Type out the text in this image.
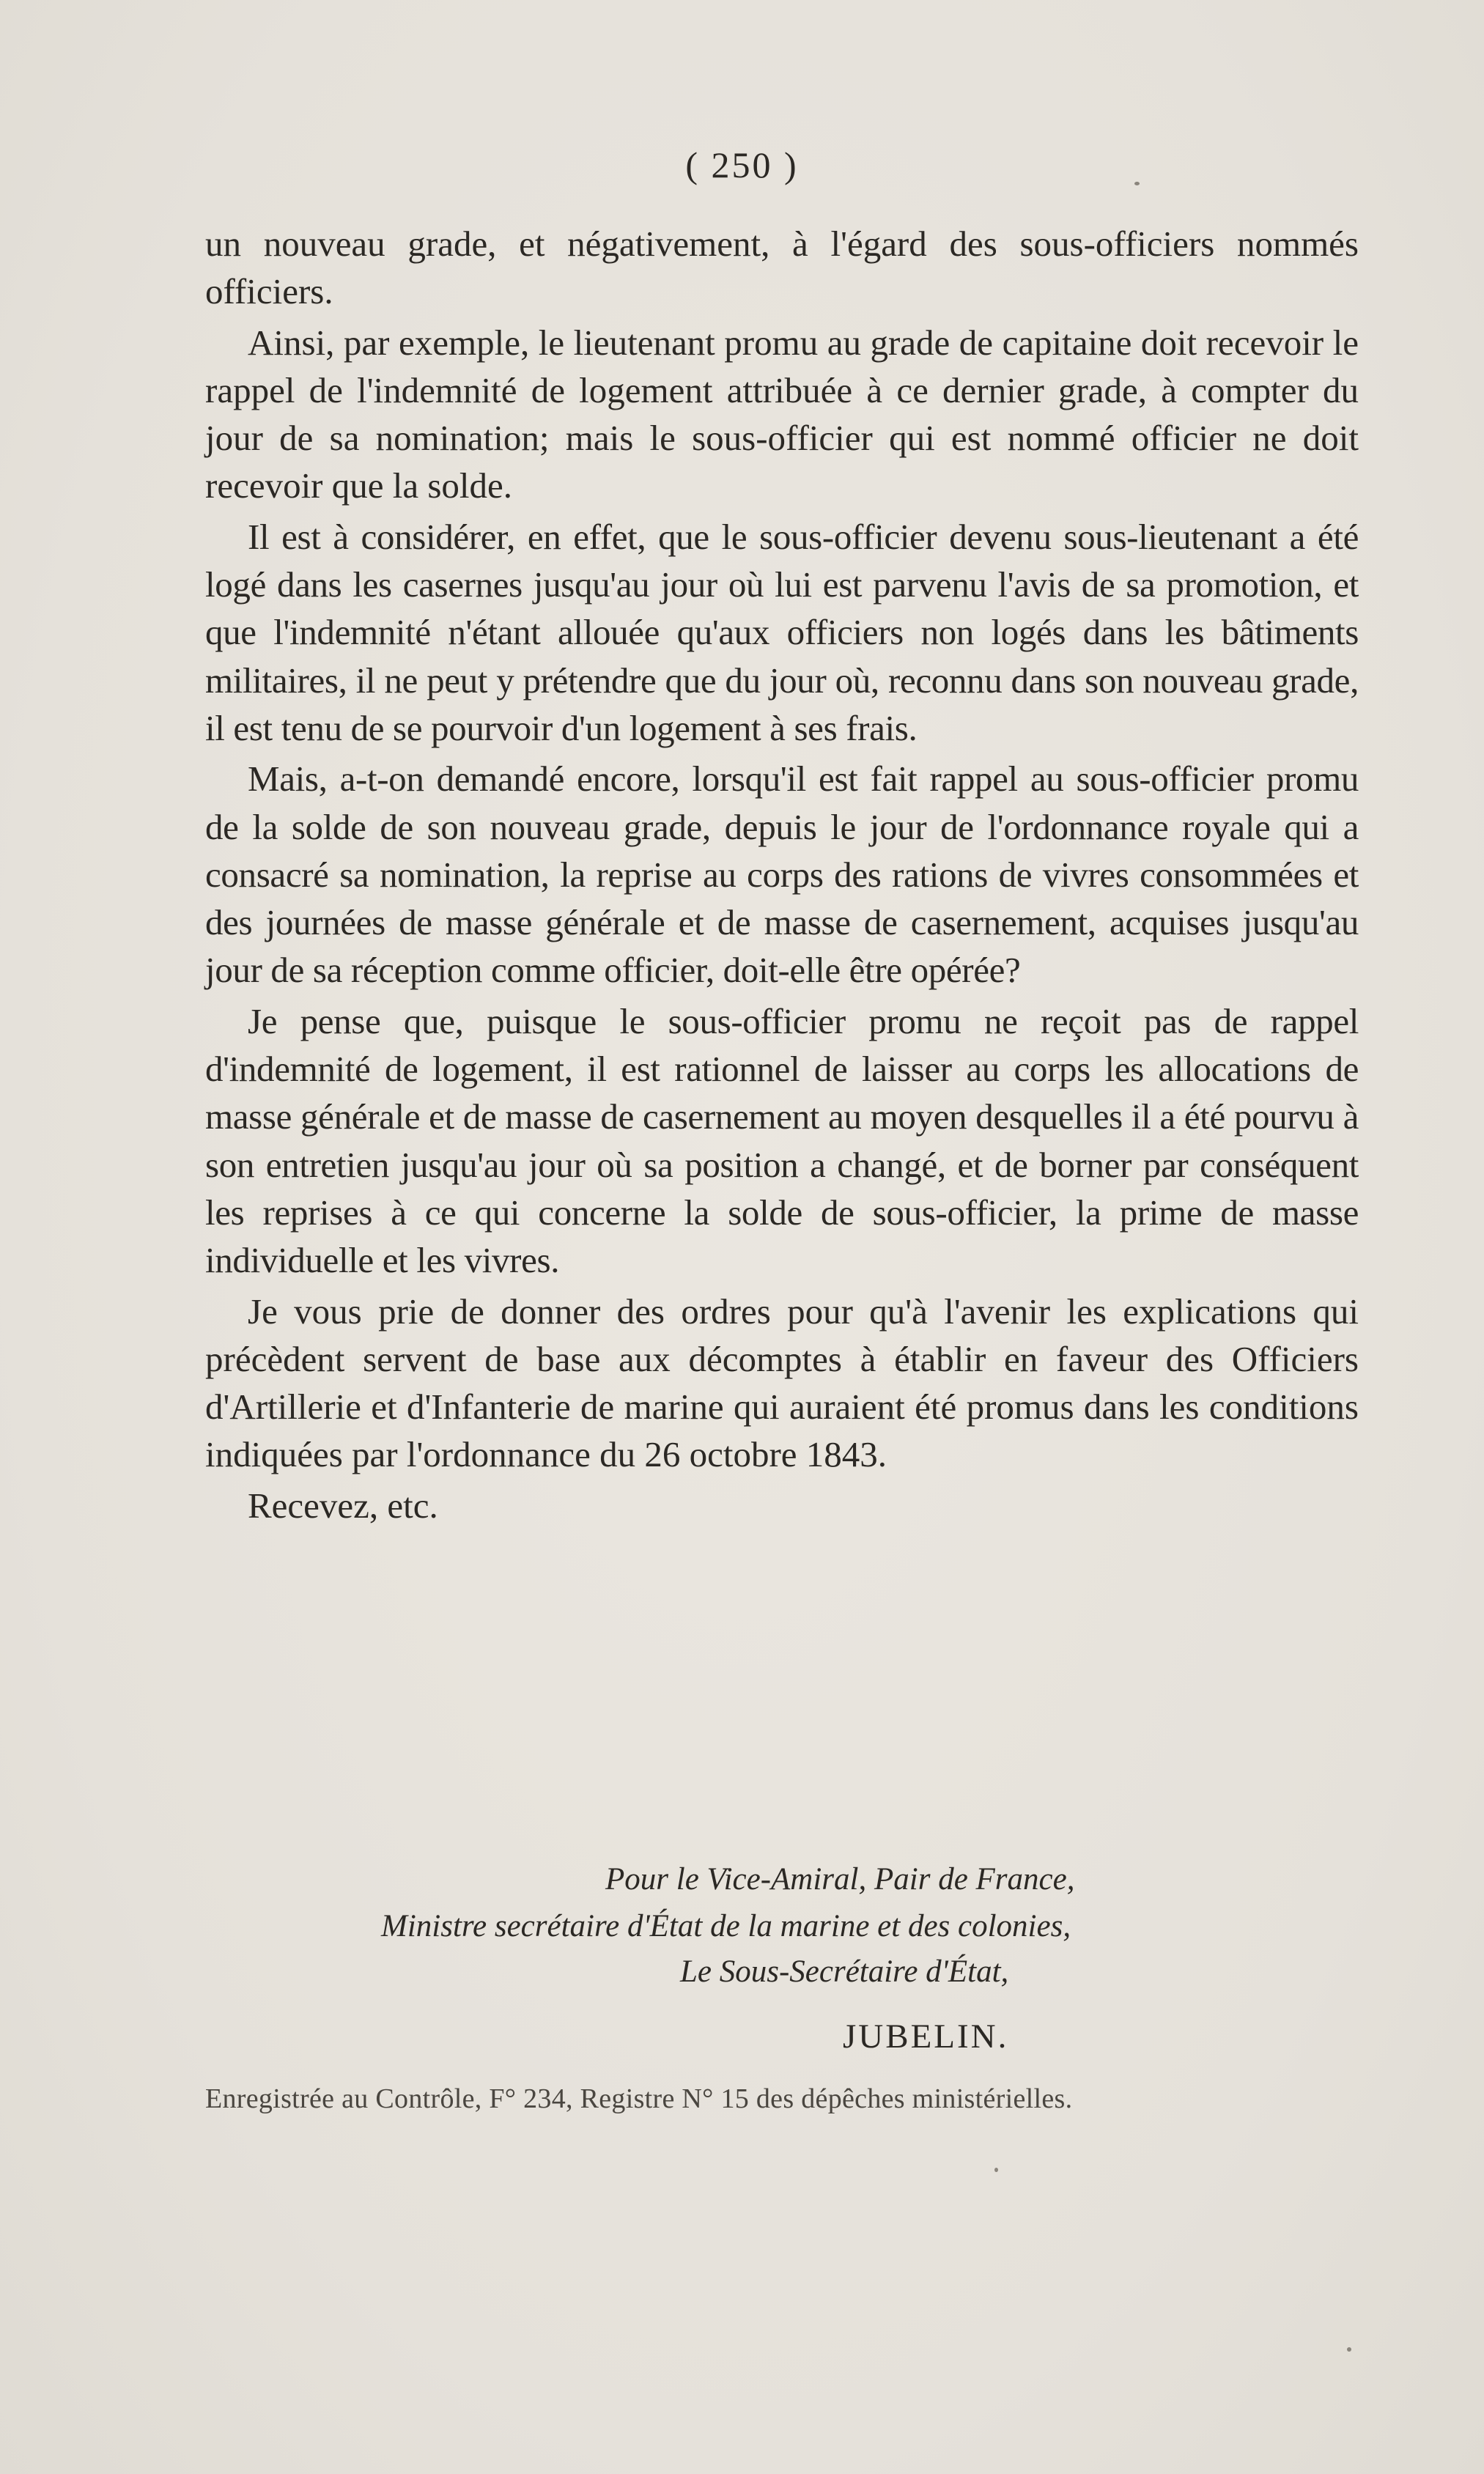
( 250 )

un nouveau grade, et négativement, à l'égard des sous-officiers nommés officiers.

Ainsi, par exemple, le lieutenant promu au grade de capitaine doit recevoir le rappel de l'indemnité de logement attribuée à ce dernier grade, à compter du jour de sa nomination; mais le sous-officier qui est nommé officier ne doit recevoir que la solde.

Il est à considérer, en effet, que le sous-officier devenu sous-lieutenant a été logé dans les casernes jusqu'au jour où lui est parvenu l'avis de sa promotion, et que l'indemnité n'étant allouée qu'aux officiers non logés dans les bâtiments militaires, il ne peut y prétendre que du jour où, reconnu dans son nouveau grade, il est tenu de se pourvoir d'un logement à ses frais.

Mais, a-t-on demandé encore, lorsqu'il est fait rappel au sous-officier promu de la solde de son nouveau grade, depuis le jour de l'ordonnance royale qui a consacré sa nomination, la reprise au corps des rations de vivres consommées et des journées de masse générale et de masse de casernement, acquises jusqu'au jour de sa réception comme officier, doit-elle être opérée?

Je pense que, puisque le sous-officier promu ne reçoit pas de rappel d'indemnité de logement, il est rationnel de laisser au corps les allocations de masse générale et de masse de casernement au moyen desquelles il a été pourvu à son entretien jusqu'au jour où sa position a changé, et de borner par conséquent les reprises à ce qui concerne la solde de sous-officier, la prime de masse individuelle et les vivres.

Je vous prie de donner des ordres pour qu'à l'avenir les explications qui précèdent servent de base aux décomptes à établir en faveur des Officiers d'Artillerie et d'Infanterie de marine qui auraient été promus dans les conditions indiquées par l'ordonnance du 26 octobre 1843.

Recevez, etc.

Pour le Vice-Amiral, Pair de France,
Ministre secrétaire d'État de la marine et des colonies,
Le Sous-Secrétaire d'État,
JUBELIN.
Enregistrée au Contrôle, F° 234, Registre N° 15 des dépêches ministérielles.
